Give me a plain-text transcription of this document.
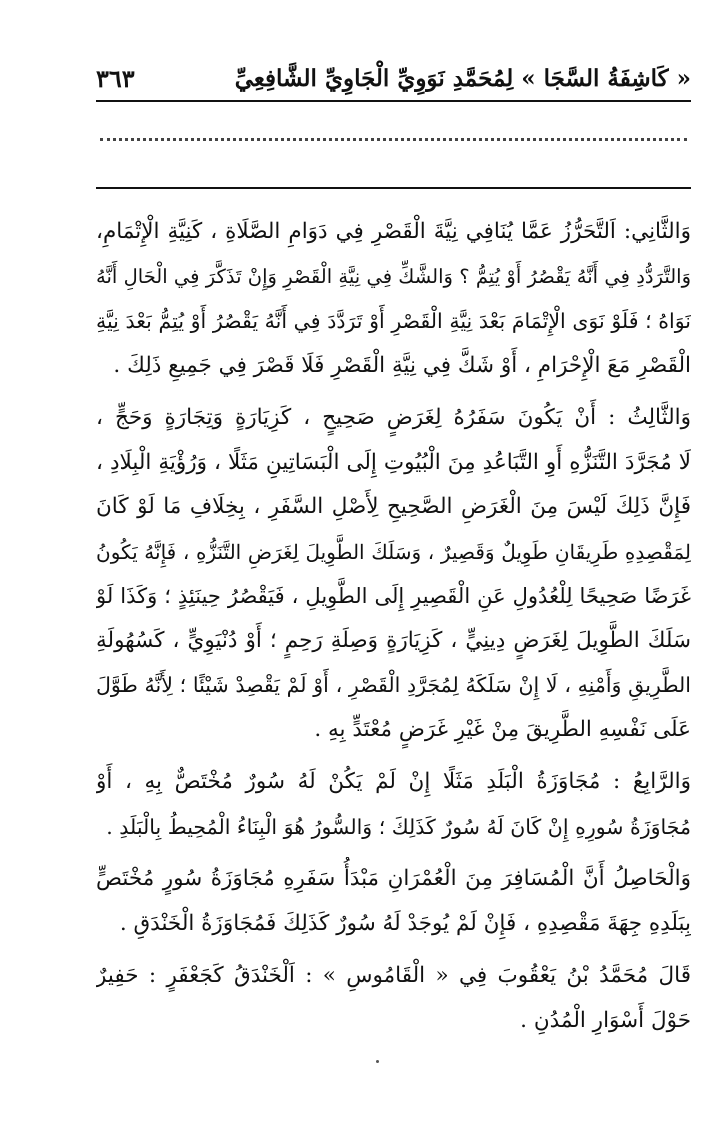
« كَاشِفَةُ السَّجَا » لِمُحَمَّدِ نَوَوِيِّ الْجَاوِيِّ الشَّافِعِيِّ
٣٦٣
وَالثَّانِي: اَلتَّحَرُّزُ عَمَّا يُنَافِي نِيَّةَ الْقَصْرِ فِي دَوَامِ الصَّلَاةِ ، كَنِيَّةِ الْإِتْمَامِ،
وَالتَّرَدُّدِ فِي أَنَّهُ يَقْصُرُ أَوْ يُتِمُّ ؟ وَالشَّكِّ فِي نِيَّةِ الْقَصْرِ وَإِنْ تَذَكَّرَ فِي الْحَالِ أَنَّهُ
نَوَاهُ ؛ فَلَوْ نَوَى الْإِتْمَامَ بَعْدَ نِيَّةِ الْقَصْرِ أَوْ تَرَدَّدَ فِي أَنَّهُ يَقْصُرُ أَوْ يُتِمُّ بَعْدَ نِيَّةِ
الْقَصْرِ مَعَ الْإِحْرَامِ ، أَوْ شَكَّ فِي نِيَّةِ الْقَصْرِ فَلَا قَصْرَ فِي جَمِيعِ ذَلِكَ .
وَالثَّالِثُ : أَنْ يَكُونَ سَفَرُهُ لِغَرَضٍ صَحِيحٍ ، كَزِيَارَةٍ وَتِجَارَةٍ وَحَجٍّ ،
لَا مُجَرَّدَ التَّنَزُّهِ أَوِ التَّبَاعُدِ مِنَ الْبُيُوتِ إِلَى الْبَسَاتِينِ مَثَلًا ، وَرُؤْيَةِ الْبِلَادِ ،
فَإِنَّ ذَلِكَ لَيْسَ مِنَ الْغَرَضِ الصَّحِيحِ لِأَصْلِ السَّفَرِ ، بِخِلَافِ مَا لَوْ كَانَ
لِمَقْصِدِهِ طَرِيقَانِ طَوِيلٌ وَقَصِيرٌ ، وَسَلَكَ الطَّوِيلَ لِغَرَضِ التَّنَزُّهِ ، فَإِنَّهُ يَكُونُ
غَرَضًا صَحِيحًا لِلْعُدُولِ عَنِ الْقَصِيرِ إِلَى الطَّوِيلِ ، فَيَقْصُرُ حِينَئِذٍ ؛ وَكَذَا لَوْ
سَلَكَ الطَّوِيلَ لِغَرَضٍ دِينِيٍّ ، كَزِيَارَةٍ وَصِلَةِ رَحِمٍ ؛ أَوْ دُنْيَوِيٍّ ، كَسُهُولَةِ
الطَّرِيقِ وَأَمْنِهِ ، لَا إِنْ سَلَكَهُ لِمُجَرَّدِ الْقَصْرِ ، أَوْ لَمْ يَقْصِدْ شَيْئًا ؛ لِأَنَّهُ طَوَّلَ
عَلَى نَفْسِهِ الطَّرِيقَ مِنْ غَيْرِ غَرَضٍ مُعْتَدٍّ بِهِ .
وَالرَّابِعُ : مُجَاوَزَةُ الْبَلَدِ مَثَلًا إِنْ لَمْ يَكُنْ لَهُ سُورٌ مُخْتَصٌّ بِهِ ، أَوْ
مُجَاوَزَةُ سُورِهِ إِنْ كَانَ لَهُ سُورٌ كَذَلِكَ ؛ وَالسُّورُ هُوَ الْبِنَاءُ الْمُحِيطُ بِالْبَلَدِ .
وَالْحَاصِلُ أَنَّ الْمُسَافِرَ مِنَ الْعُمْرَانِ مَبْدَأُ سَفَرِهِ مُجَاوَزَةُ سُورٍ مُخْتَصٍّ
بِبَلَدِهِ جِهَةَ مَقْصِدِهِ ، فَإِنْ لَمْ يُوجَدْ لَهُ سُورٌ كَذَلِكَ فَمُجَاوَزَةُ الْخَنْدَقِ .
قَالَ مُحَمَّدُ بْنُ يَعْقُوبَ فِي « الْقَامُوسِ » : اَلْخَنْدَقُ كَجَعْفَرٍ : حَفِيرٌ
حَوْلَ أَسْوَارِ الْمُدُنِ .
